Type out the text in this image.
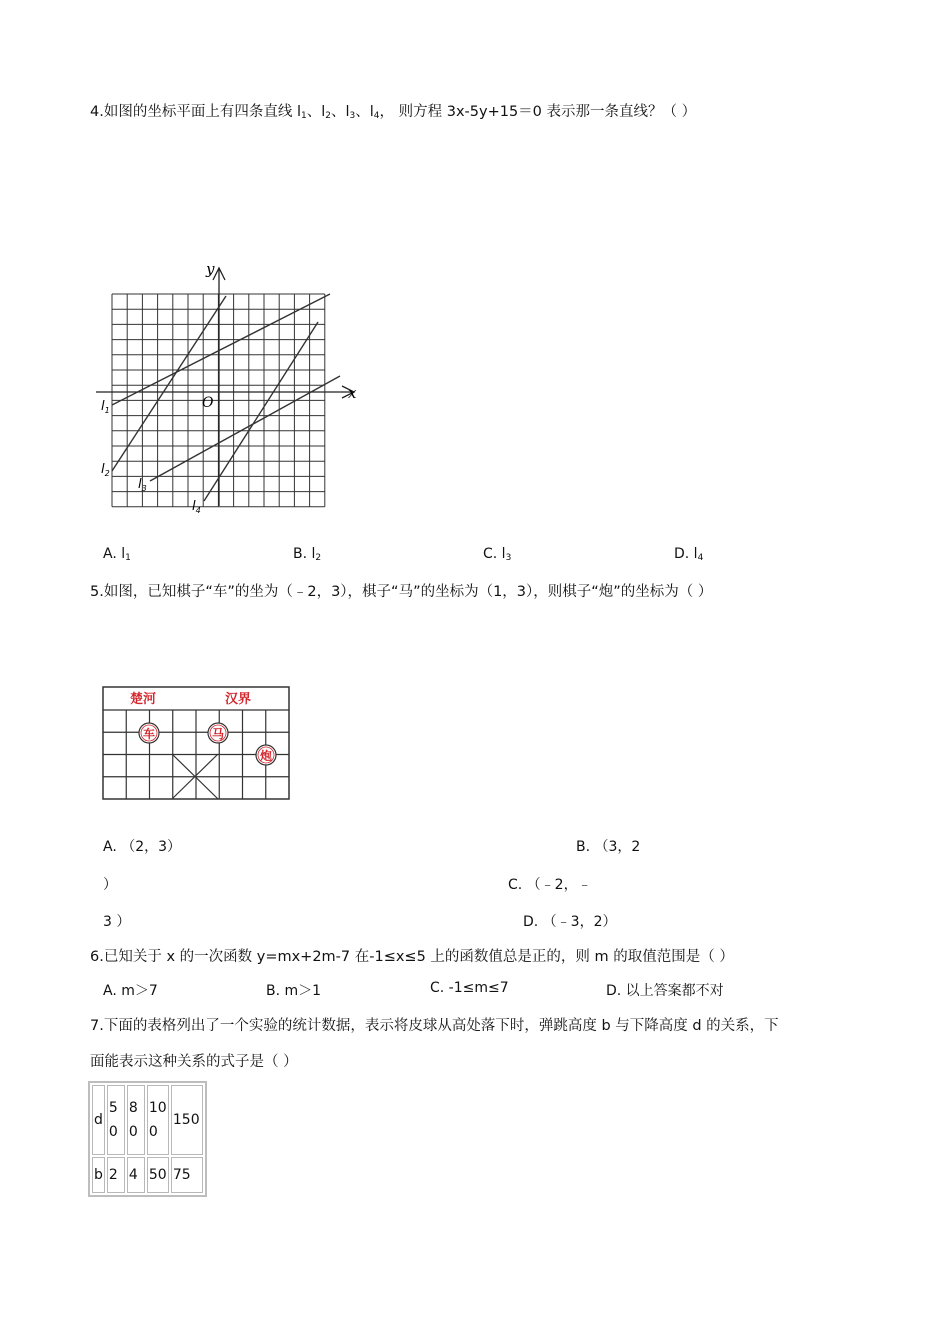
4.如图的坐标平面上有四条直线 $l_1$、$l_2$、$l_3$、$l_4$， 则方程 3x-5y+15＝0 表示那一条直线？（ ）
y
x
O
$l_1$
$l_2$
$l_3$
$l_4$
A. $l_1$	B. $l_2$	C. $l_3$	D. $l_4$
5.如图，已知棋子“车”的坐为（﹣2，3），棋子“马”的坐标为（1，3），则棋子“炮”的坐标为（ ）
楚河	汉界
车	马
炮
A. （2，3）	B. （3，2
）	C. （﹣2，﹣
3 ）	D. （﹣3，2）
6.已知关于 x 的一次函数 y=mx+2m-7 在-1≤x≤5 上的函数值总是正的，则 m 的取值范围是（ ）
A. m＞7	B. m＞1	C. -1≤m≤7	D. 以上答案都不对
7.下面的表格列出了一个实验的统计数据，表示将皮球从高处落下时，弹跳高度 b 与下降高度 d 的关系，下
面能表示这种关系的式子是（ ）
d	50	80	100	150
b	2	4	50	75
